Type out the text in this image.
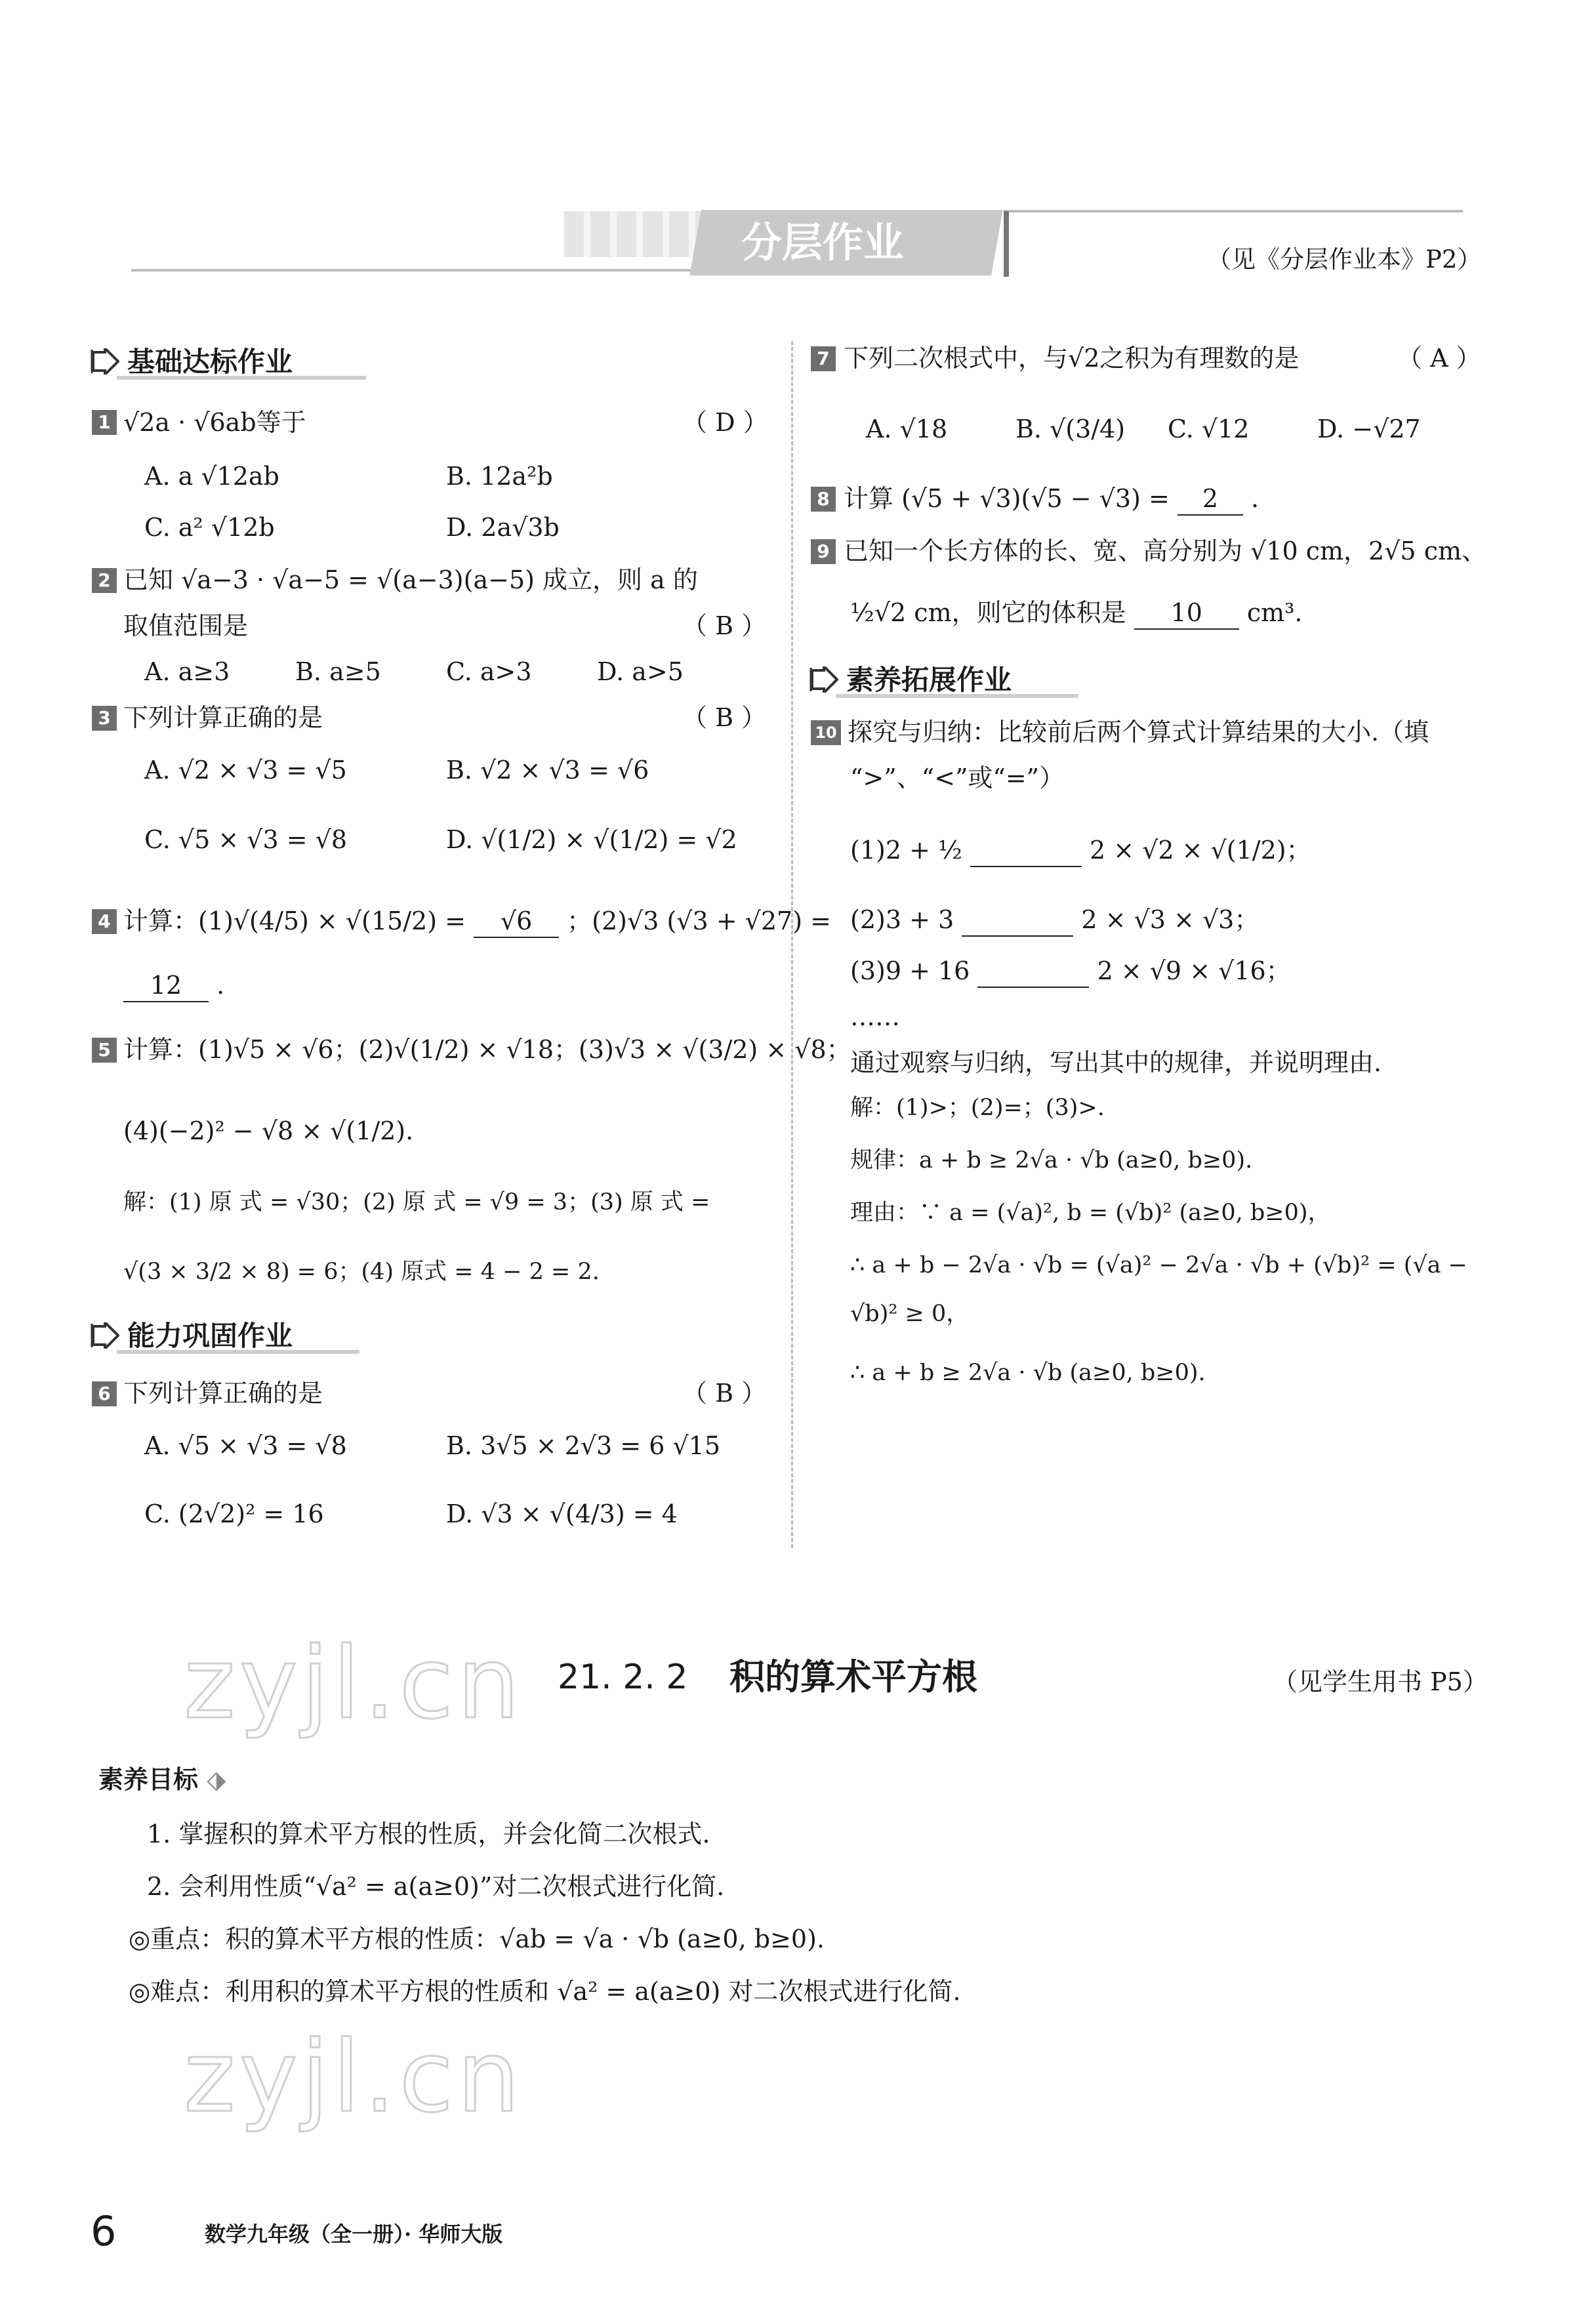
分层作业	（见《分层作业本》P2）
基础达标作业
1 √2a · √6ab等于	（ D ）
A. a √12ab	B. 12a²b
C. a² √12b	D. 2a√3b
2 已知 √a−3 · √a−5 = √(a−3)(a−5) 成立，则 a 的
取值范围是	（ B ）
A. a≥3	B. a≥5	C. a>3	D. a>5
3 下列计算正确的是	（ B ）
A. √2 × √3 = √5	B. √2 × √3 = √6
C. √5 × √3 = √8	D. √(1/2) × √(1/2) = √2
4 计算：(1)√(4/5) × √(15/2) = √6 ；(2)√3 (√3 + √27) =
12 .
5 计算：(1)√5 × √6；(2)√(1/2) × √18；(3)√3 × √(3/2) × √8；
(4)(−2)² − √8 × √(1/2).
解：(1) 原 式 = √30；(2) 原 式 = √9 = 3；(3) 原 式 =
√(3 × 3/2 × 8) = 6；(4) 原式 = 4 − 2 = 2.
能力巩固作业
6 下列计算正确的是	（ B ）
A. √5 × √3 = √8	B. 3√5 × 2√3 = 6 √15
C. (2√2)² = 16	D. √3 × √(4/3) = 4
7 下列二次根式中，与√2之积为有理数的是	（ A ）
A. √18	B. √(3/4) C. √12	D. −√27
8 计算 (√5 + √3)(√5 − √3) = 2 .
9 已知一个长方体的长、宽、高分别为 √10 cm，2√5 cm、
½√2 cm，则它的体积是 10 cm³.
素养拓展作业
10 探究与归纳：比较前后两个算式计算结果的大小.（填
“>”、“<”或“=”）
(1)2 + ½	2 × √2 × √(1/2)；
(2)3 + 3	2 × √3 × √3；
(3)9 + 16	2 × √9 × √16；
……
通过观察与归纳，写出其中的规律，并说明理由.
解：(1)>；(2)=；(3)>.
规律：a + b ≥ 2√a · √b (a≥0, b≥0).
理由：∵ a = (√a)², b = (√b)² (a≥0, b≥0)，
∴ a + b − 2√a · √b = (√a)² − 2√a · √b + (√b)² = (√a −
√b)² ≥ 0，
∴ a + b ≥ 2√a · √b (a≥0, b≥0).
zyjl.cn 21. 2. 2 积的算术平方根	（见学生用书 P5）
素养目标 ⬗
1. 掌握积的算术平方根的性质，并会化简二次根式.
2. 会利用性质“√a² = a(a≥0)”对二次根式进行化简.
◎重点：积的算术平方根的性质：√ab = √a · √b (a≥0, b≥0).
◎难点：利用积的算术平方根的性质和 √a² = a(a≥0) 对二次根式进行化简.
zyjl.cn
6	数学九年级（全一册）· 华师大版
